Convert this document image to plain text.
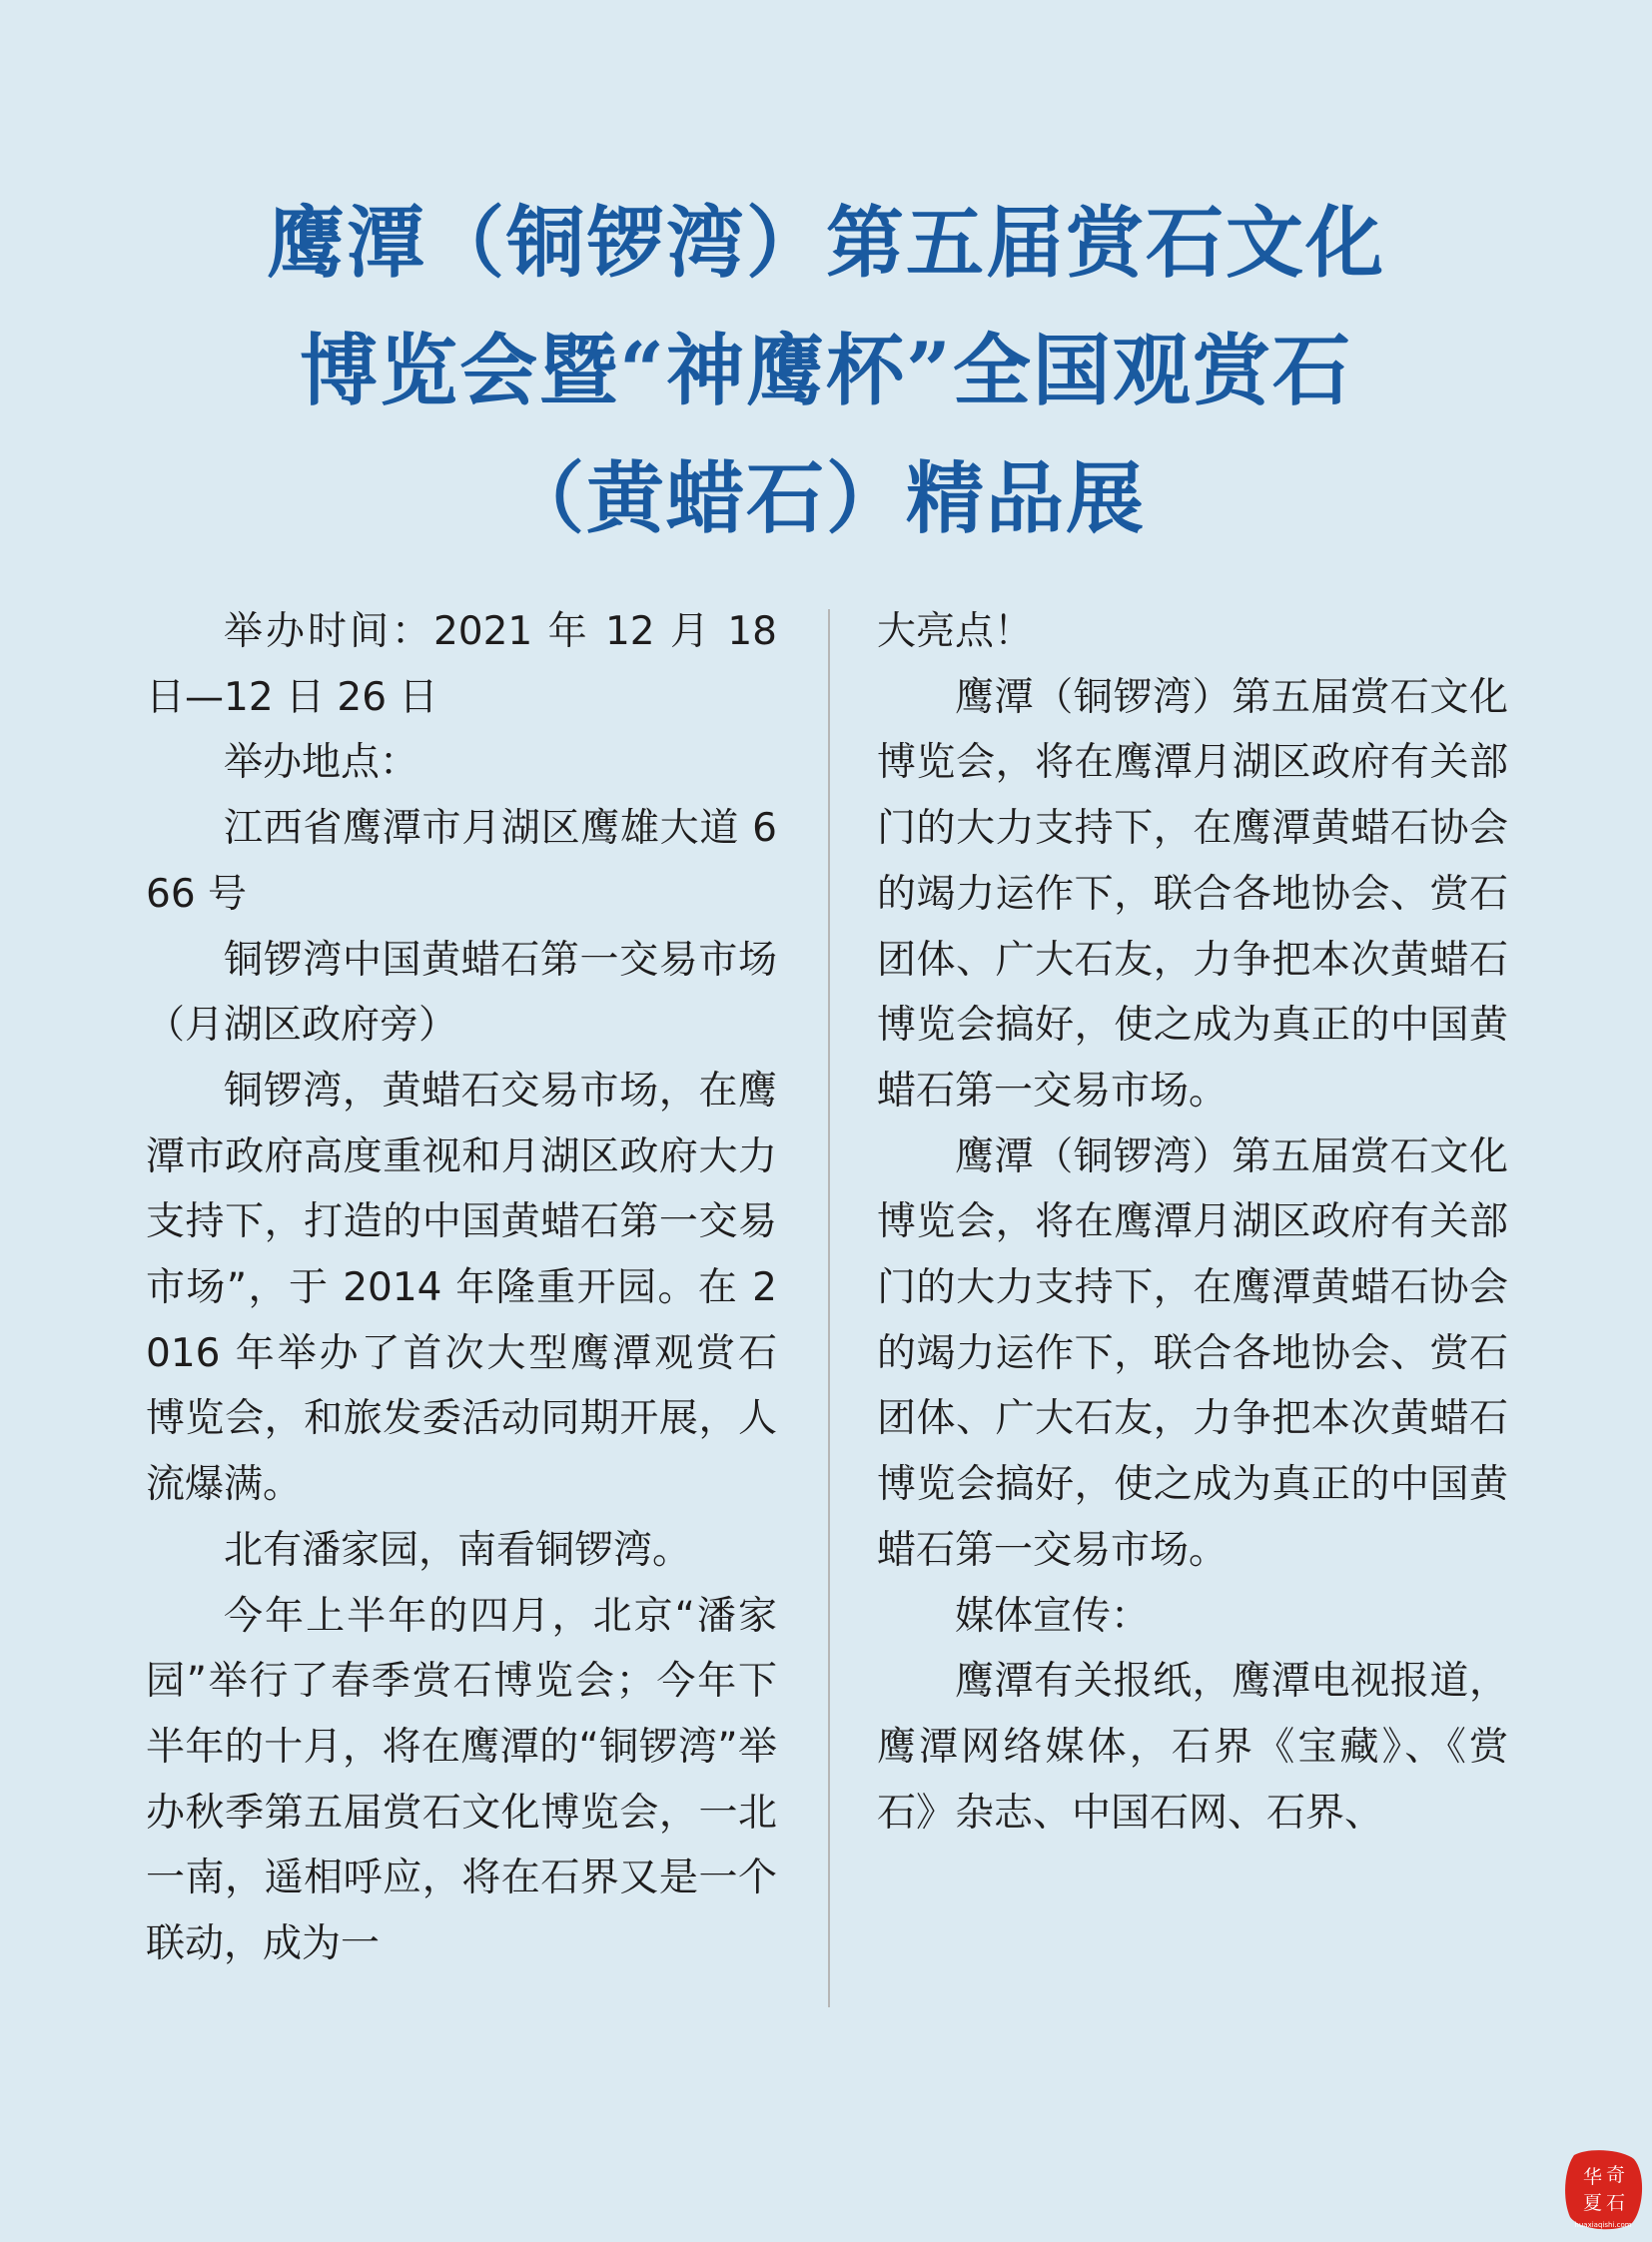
鹰潭（铜锣湾）第五届赏石文化
博览会暨“神鹰杯”全国观赏石
（黄蜡石）精品展

举办时间：2021 年 12 月 18 日—12 日 26 日

举办地点：

江西省鹰潭市月湖区鹰雄大道 666 号

铜锣湾中国黄蜡石第一交易市场（月湖区政府旁）

铜锣湾，黄蜡石交易市场，在鹰潭市政府高度重视和月湖区政府大力支持下，打造的中国黄蜡石第一交易市场”，于 2014 年隆重开园。在 2016 年举办了首次大型鹰潭观赏石博览会，和旅发委活动同期开展，人流爆满。

北有潘家园，南看铜锣湾。

今年上半年的四月，北京“潘家园”举行了春季赏石博览会；今年下半年的十月，将在鹰潭的“铜锣湾”举办秋季第五届赏石文化博览会，一北一南，遥相呼应，将在石界又是一个联动，成为一

大亮点！

鹰潭（铜锣湾）第五届赏石文化博览会，将在鹰潭月湖区政府有关部门的大力支持下，在鹰潭黄蜡石协会的竭力运作下，联合各地协会、赏石团体、广大石友，力争把本次黄蜡石博览会搞好，使之成为真正的中国黄蜡石第一交易市场。

鹰潭（铜锣湾）第五届赏石文化博览会，将在鹰潭月湖区政府有关部门的大力支持下，在鹰潭黄蜡石协会的竭力运作下，联合各地协会、赏石团体、广大石友，力争把本次黄蜡石博览会搞好，使之成为真正的中国黄蜡石第一交易市场。

媒体宣传：

鹰潭有关报纸，鹰潭电视报道，鹰潭网络媒体，石界《宝藏》、《赏石》杂志、中国石网、石界、

华 奇
夏 石
huaxiaqishi.com
